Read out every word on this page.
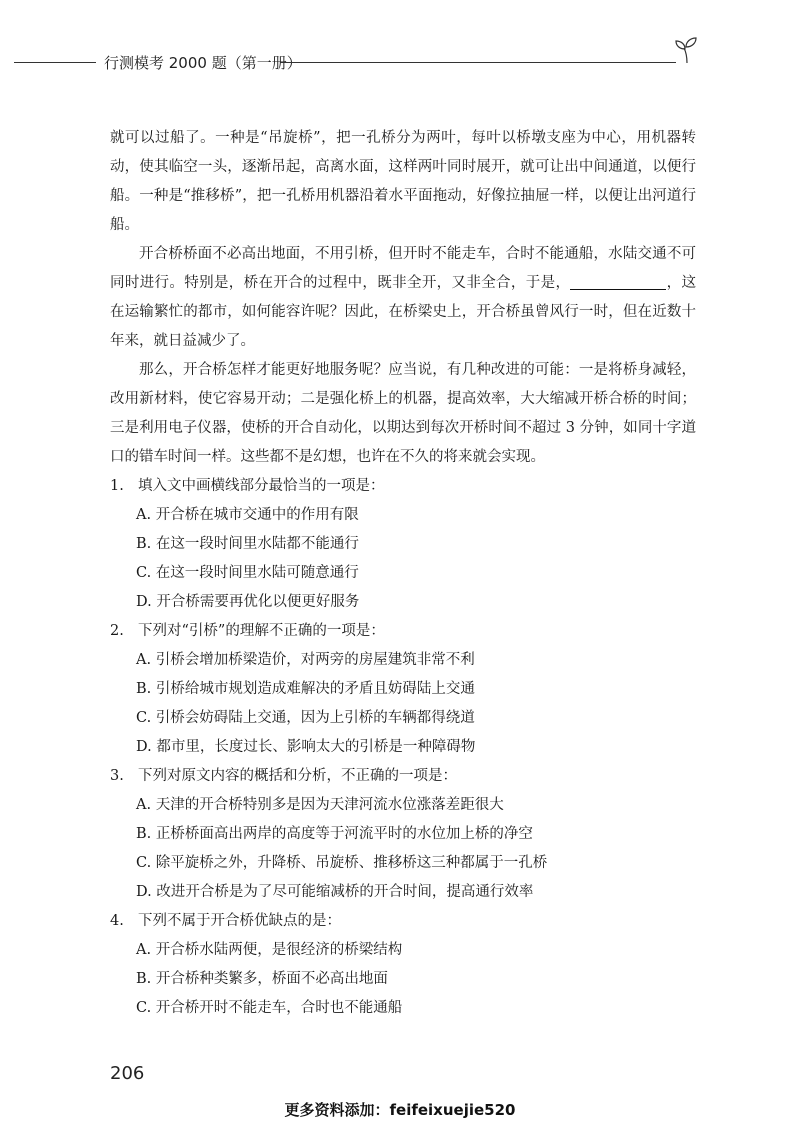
行测模考 2000 题（第一册）

就可以过船了。一种是“吊旋桥”，把一孔桥分为两叶，每叶以桥墩支座为中心，用机器转动，使其临空一头，逐渐吊起，高离水面，这样两叶同时展开，就可让出中间通道，以便行船。一种是“推移桥”，把一孔桥用机器沿着水平面拖动，好像拉抽屉一样，以便让出河道行船。

开合桥桥面不必高出地面，不用引桥，但开时不能走车，合时不能通船，水陆交通不可同时进行。特别是，桥在开合的过程中，既非全开，又非全合，于是，	，这在运输繁忙的都市，如何能容许呢？因此，在桥梁史上，开合桥虽曾风行一时，但在近数十年来，就日益减少了。

那么，开合桥怎样才能更好地服务呢？应当说，有几种改进的可能：一是将桥身减轻，改用新材料，使它容易开动；二是强化桥上的机器，提高效率，大大缩减开桥合桥的时间；三是利用电子仪器，使桥的开合自动化，以期达到每次开桥时间不超过 3 分钟，如同十字道口的错车时间一样。这些都不是幻想，也许在不久的将来就会实现。

1. 填入文中画横线部分最恰当的一项是：

A. 开合桥在城市交通中的作用有限

B. 在这一段时间里水陆都不能通行

C. 在这一段时间里水陆可随意通行

D. 开合桥需要再优化以便更好服务

2. 下列对“引桥”的理解不正确的一项是：

A. 引桥会增加桥梁造价，对两旁的房屋建筑非常不利

B. 引桥给城市规划造成难解决的矛盾且妨碍陆上交通

C. 引桥会妨碍陆上交通，因为上引桥的车辆都得绕道

D. 都市里，长度过长、影响太大的引桥是一种障碍物

3. 下列对原文内容的概括和分析，不正确的一项是：

A. 天津的开合桥特别多是因为天津河流水位涨落差距很大

B. 正桥桥面高出两岸的高度等于河流平时的水位加上桥的净空

C. 除平旋桥之外，升降桥、吊旋桥、推移桥这三种都属于一孔桥

D. 改进开合桥是为了尽可能缩减桥的开合时间，提高通行效率

4. 下列不属于开合桥优缺点的是：

A. 开合桥水陆两便，是很经济的桥梁结构

B. 开合桥种类繁多，桥面不必高出地面

C. 开合桥开时不能走车，合时也不能通船

206
更多资料添加：feifeixuejie520
